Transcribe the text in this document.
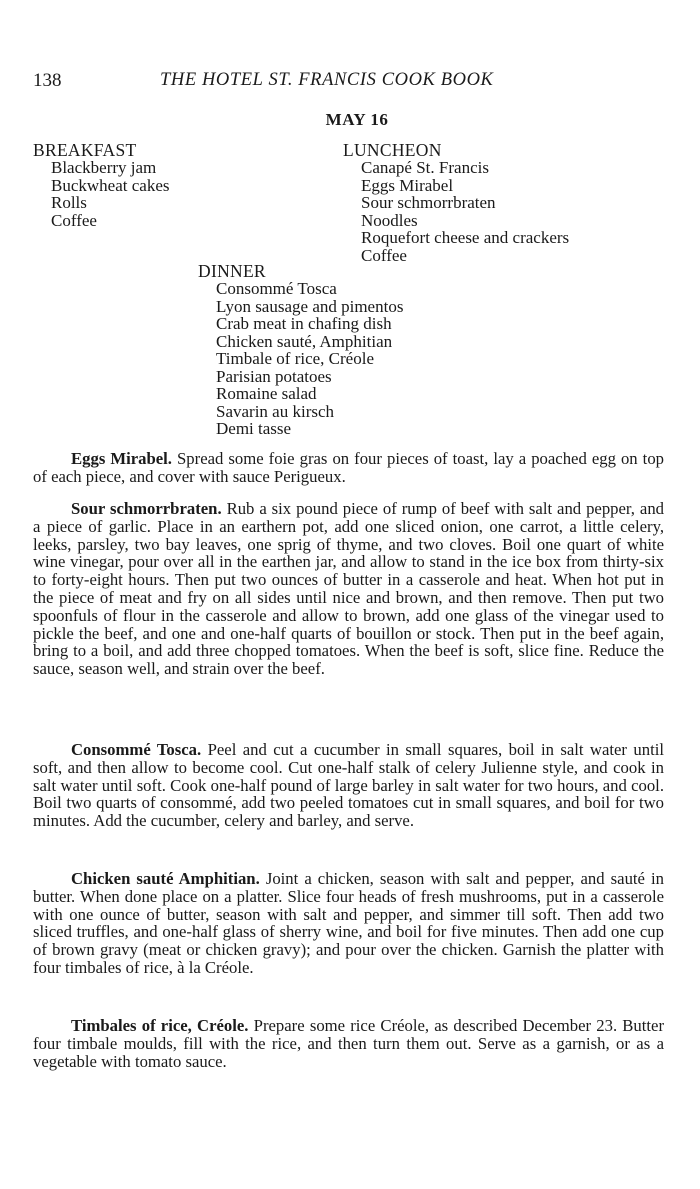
138	THE HOTEL ST. FRANCIS COOK BOOK
MAY 16
BREAKFAST
Blackberry jam
Buckwheat cakes
Rolls
Coffee
LUNCHEON
Canapé St. Francis
Eggs Mirabel
Sour schmorrbraten
Noodles
Roquefort cheese and crackers
Coffee
DINNER
Consommé Tosca
Lyon sausage and pimentos
Crab meat in chafing dish
Chicken sauté, Amphitian
Timbale of rice, Créole
Parisian potatoes
Romaine salad
Savarin au kirsch
Demi tasse

Eggs Mirabel. Spread some foie gras on four pieces of toast, lay a poached egg on top of each piece, and cover with sauce Perigueux.

Sour schmorrbraten. Rub a six pound piece of rump of beef with salt and pepper, and a piece of garlic. Place in an earthern pot, add one sliced onion, one carrot, a little celery, leeks, parsley, two bay leaves, one sprig of thyme, and two cloves. Boil one quart of white wine vinegar, pour over all in the earthen jar, and allow to stand in the ice box from thirty-six to forty-eight hours. Then put two ounces of butter in a casserole and heat. When hot put in the piece of meat and fry on all sides until nice and brown, and then remove. Then put two spoonfuls of flour in the casserole and allow to brown, add one glass of the vinegar used to pickle the beef, and one and one-half quarts of bouillon or stock. Then put in the beef again, bring to a boil, and add three chopped tomatoes. When the beef is soft, slice fine. Reduce the sauce, season well, and strain over the beef.

Consommé Tosca. Peel and cut a cucumber in small squares, boil in salt water until soft, and then allow to become cool. Cut one-half stalk of celery Julienne style, and cook in salt water until soft. Cook one-half pound of large barley in salt water for two hours, and cool. Boil two quarts of consommé, add two peeled tomatoes cut in small squares, and boil for two minutes. Add the cucumber, celery and barley, and serve.

Chicken sauté Amphitian. Joint a chicken, season with salt and pepper, and sauté in butter. When done place on a platter. Slice four heads of fresh mushrooms, put in a casserole with one ounce of butter, season with salt and pepper, and simmer till soft. Then add two sliced truffles, and one-half glass of sherry wine, and boil for five minutes. Then add one cup of brown gravy (meat or chicken gravy); and pour over the chicken. Garnish the platter with four timbales of rice, à la Créole.

Timbales of rice, Créole. Prepare some rice Créole, as described December 23. Butter four timbale moulds, fill with the rice, and then turn them out. Serve as a garnish, or as a vegetable with tomato sauce.
